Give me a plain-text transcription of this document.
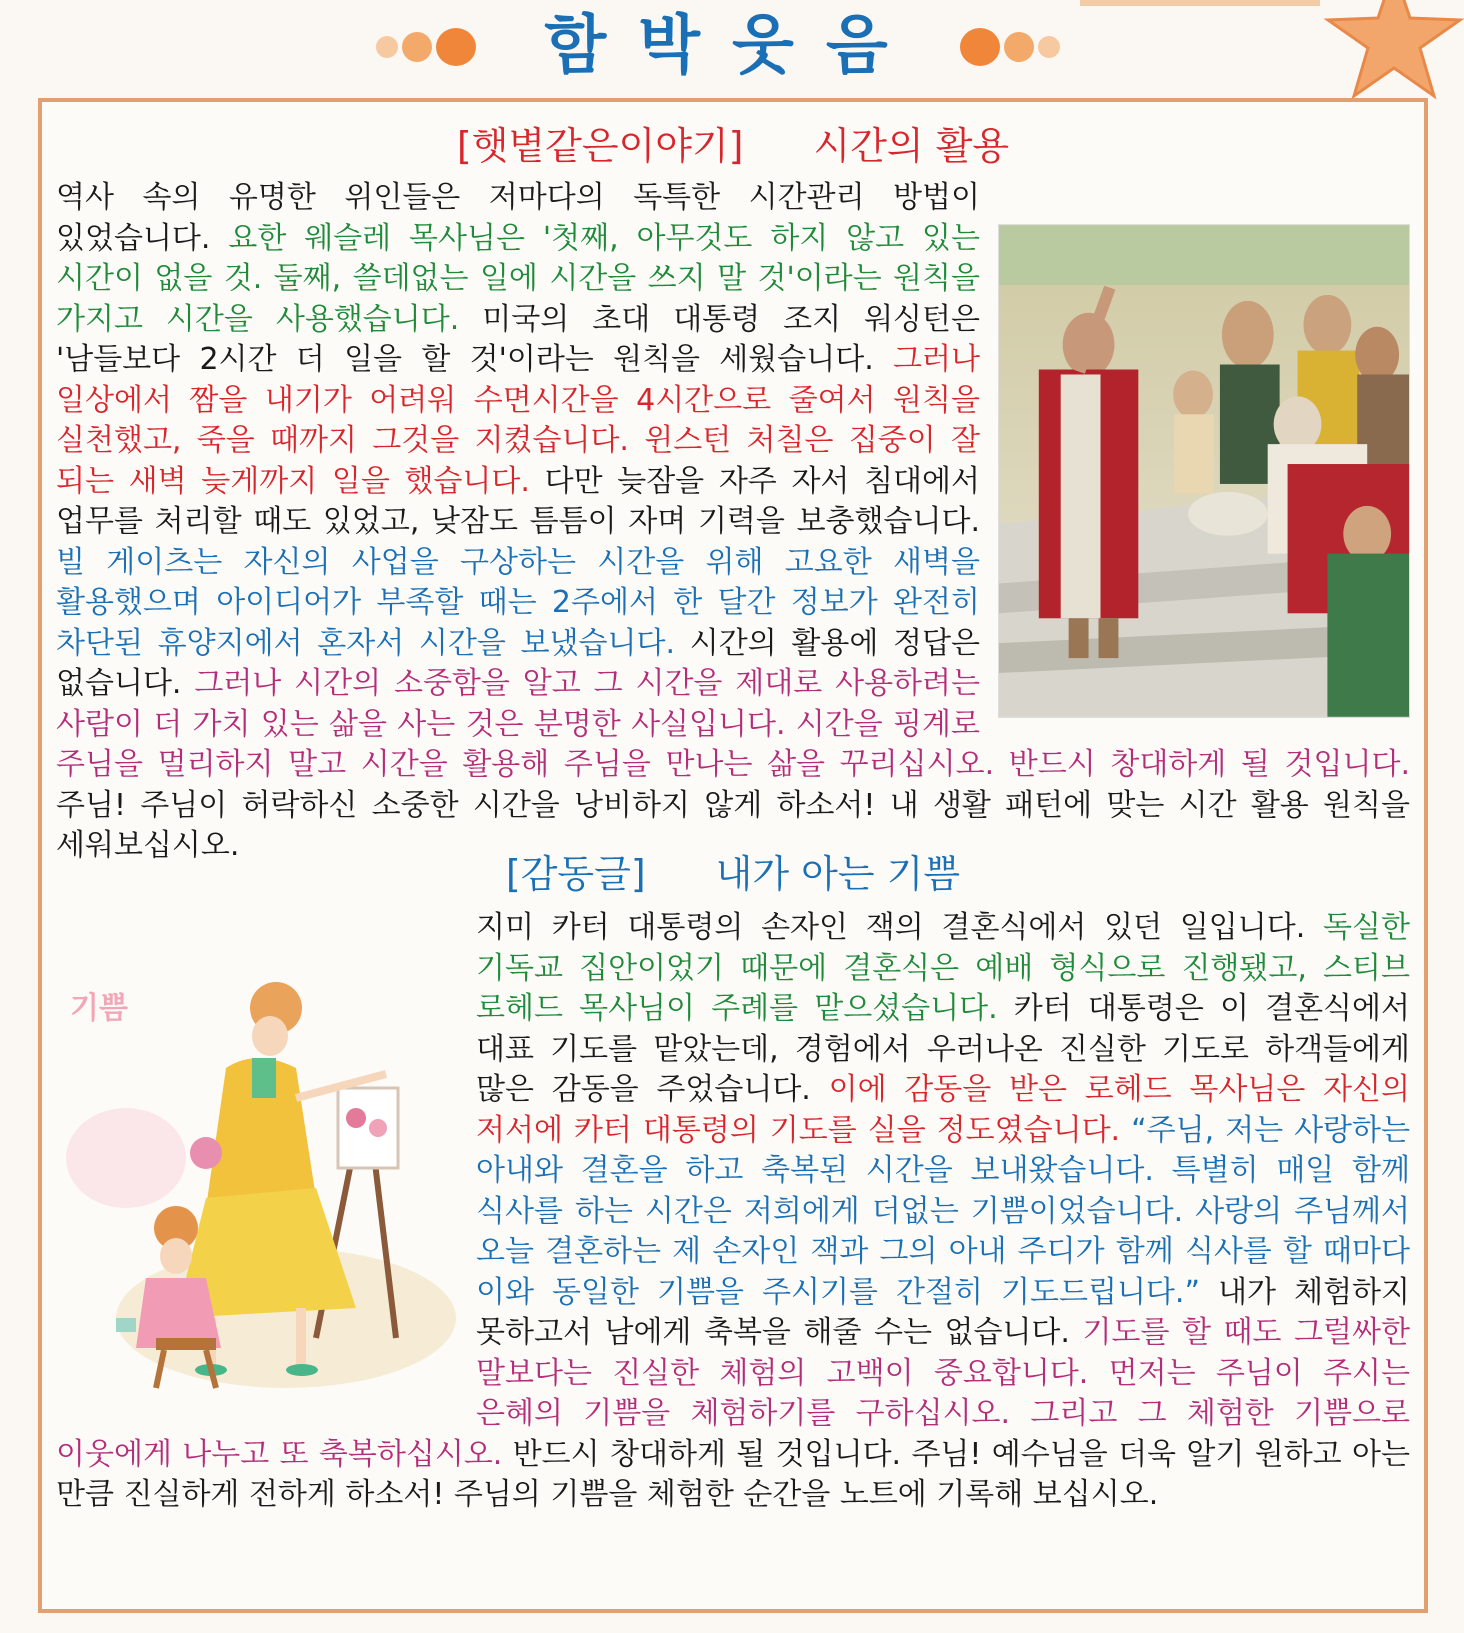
함박웃음
[햇볕같은이야기] 시간의 활용

역사 속의 유명한 위인들은 저마다의 독특한 시간관리 방법이 있었습니다. 요한 웨슬레 목사님은 '첫째, 아무것도 하지 않고 있는 시간이 없을 것. 둘째, 쓸데없는 일에 시간을 쓰지 말 것'이라는 원칙을 가지고 시간을 사용했습니다. 미국의 초대 대통령 조지 워싱턴은 '남들보다 2시간 더 일을 할 것'이라는 원칙을 세웠습니다. 그러나 일상에서 짬을 내기가 어려워 수면시간을 4시간으로 줄여서 원칙을 실천했고, 죽을 때까지 그것을 지켰습니다. 윈스턴 처칠은 집중이 잘 되는 새벽 늦게까지 일을 했습니다. 다만 늦잠을 자주 자서 침대에서 업무를 처리할 때도 있었고, 낮잠도 틈틈이 자며 기력을 보충했습니다. 빌 게이츠는 자신의 사업을 구상하는 시간을 위해 고요한 새벽을 활용했으며 아이디어가 부족할 때는 2주에서 한 달간 정보가 완전히 차단된 휴양지에서 혼자서 시간을 보냈습니다. 시간의 활용에 정답은 없습니다. 그러나 시간의 소중함을 알고 그 시간을 제대로 사용하려는 사람이 더 가치 있는 삶을 사는 것은 분명한 사실입니다. 시간을 핑계로 주님을 멀리하지 말고 시간을 활용해 주님을 만나는 삶을 꾸리십시오. 반드시 창대하게 될 것입니다. 주님! 주님이 허락하신 소중한 시간을 낭비하지 않게 하소서! 내 생활 패턴에 맞는 시간 활용 원칙을 세워보십시오.

[감동글] 내가 아는 기쁨

기쁨
지미 카터 대통령의 손자인 잭의 결혼식에서 있던 일입니다. 독실한 기독교 집안이었기 때문에 결혼식은 예배 형식으로 진행됐고, 스티브 로헤드 목사님이 주례를 맡으셨습니다. 카터 대통령은 이 결혼식에서 대표 기도를 맡았는데, 경험에서 우러나온 진실한 기도로 하객들에게 많은 감동을 주었습니다. 이에 감동을 받은 로헤드 목사님은 자신의 저서에 카터 대통령의 기도를 실을 정도였습니다. “주님, 저는 사랑하는 아내와 결혼을 하고 축복된 시간을 보내왔습니다. 특별히 매일 함께 식사를 하는 시간은 저희에게 더없는 기쁨이었습니다. 사랑의 주님께서 오늘 결혼하는 제 손자인 잭과 그의 아내 주디가 함께 식사를 할 때마다 이와 동일한 기쁨을 주시기를 간절히 기도드립니다.” 내가 체험하지 못하고서 남에게 축복을 해줄 수는 없습니다. 기도를 할 때도 그럴싸한 말보다는 진실한 체험의 고백이 중요합니다. 먼저는 주님이 주시는 은혜의 기쁨을 체험하기를 구하십시오. 그리고 그 체험한 기쁨으로 이웃에게 나누고 또 축복하십시오. 반드시 창대하게 될 것입니다. 주님! 예수님을 더욱 알기 원하고 아는 만큼 진실하게 전하게 하소서! 주님의 기쁨을 체험한 순간을 노트에 기록해 보십시오.
